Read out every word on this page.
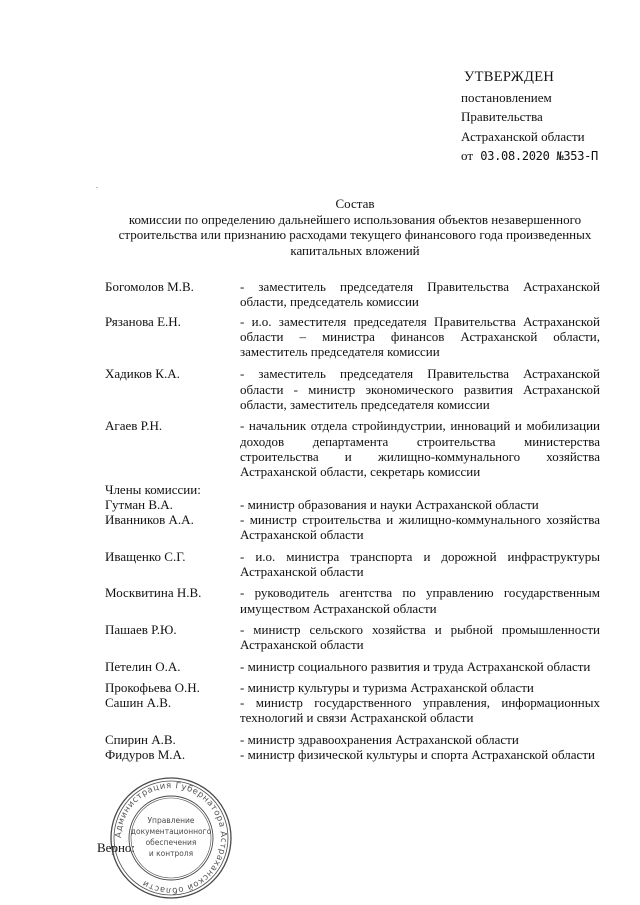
УТВЕРЖДЕН
постановлением
Правительства
Астраханской области
от 03.08.2020 №353-П
Состав
комиссии по определению дальнейшего использования объектов незавершенного строительства или признанию расходами текущего финансового года произведенных капитальных вложений
Богомолов М.В.	- заместитель председателя Правительства Астраханской области, председатель комиссии
Рязанова Е.Н.	- и.о. заместителя председателя Правительства Астраханской области – министра финансов Астраханской области, заместитель председателя комиссии
Хадиков К.А.	- заместитель председателя Правительства Астраханской области - министр экономического развития Астраханской области, заместитель председателя комиссии
Агаев Р.Н.	- начальник отдела стройиндустрии, инноваций и мобилизации доходов департамента строительства министерства строительства и жилищно-коммунального хозяйства Астраханской области, секретарь комиссии
Члены комиссии:
Гутман В.А.	- министр образования и науки Астраханской области
Иванников А.А.	- министр строительства и жилищно-коммунального хозяйства Астраханской области
Иващенко С.Г.	- и.о. министра транспорта и дорожной инфраструктуры Астраханской области
Москвитина Н.В.	- руководитель агентства по управлению государственным имуществом Астраханской области
Пашаев Р.Ю.	- министр сельского хозяйства и рыбной промышленности Астраханской области
Петелин О.А.	- министр социального развития и труда Астраханской области
Прокофьева О.Н.	- министр культуры и туризма Астраханской области
Сашин А.В.	- министр государственного управления, информационных технологий и связи Астраханской области
Спирин А.В.	- министр здравоохранения Астраханской области
Фидуров М.А.	- министр физической культуры и спорта Астраханской области
Верно:
Администрация Губернатора Астраханской области
Управление
документационного
обеспечения
и контроля
